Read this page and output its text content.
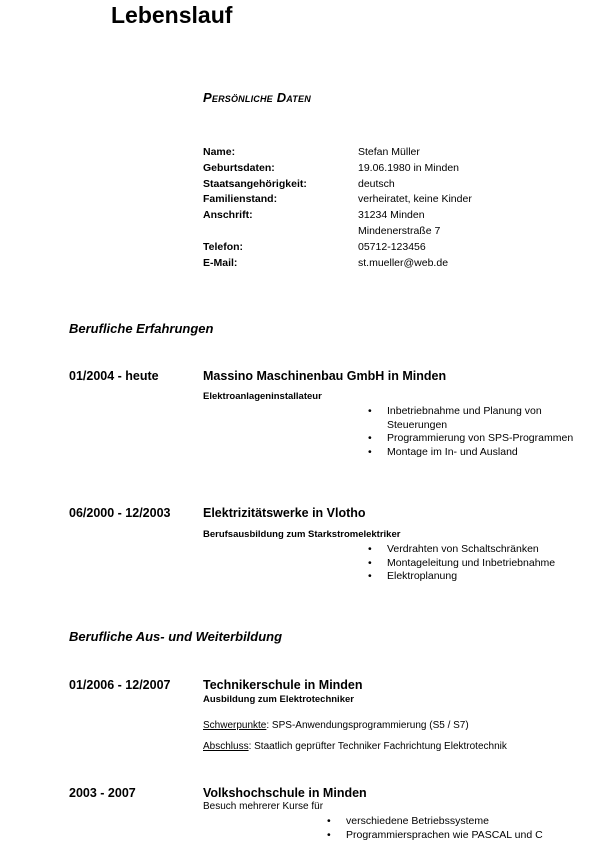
Lebenslauf
Persönliche Daten
Name:	Stefan Müller
Geburtsdaten:	19.06.1980 in Minden
Staatsangehörigkeit:	deutsch
Familienstand:	verheiratet, keine Kinder
Anschrift:	31234 Minden
Mindenerstraße 7
Telefon:	05712-123456
E-Mail:	st.mueller@web.de
Berufliche Erfahrungen
01/2004 - heute	Massino Maschinenbau GmbH in Minden
Elektroanlageninstallateur
• Inbetriebnahme und Planung von Steuerungen
• Programmierung von SPS-Programmen
• Montage im In- und Ausland
06/2000 - 12/2003	Elektrizitätswerke in Vlotho
Berufsausbildung zum Starkstromelektriker
• Verdrahten von Schaltschränken
• Montageleitung und Inbetriebnahme
• Elektroplanung
Berufliche Aus- und Weiterbildung
01/2006 - 12/2007	Technikerschule in Minden
Ausbildung zum Elektrotechniker
Schwerpunkte: SPS-Anwendungsprogrammierung (S5 / S7)
Abschluss: Staatlich geprüfter Techniker Fachrichtung Elektrotechnik
2003 - 2007	Volkshochschule in Minden
Besuch mehrerer Kurse für
• verschiedene Betriebssysteme
• Programmiersprachen wie PASCAL und C
